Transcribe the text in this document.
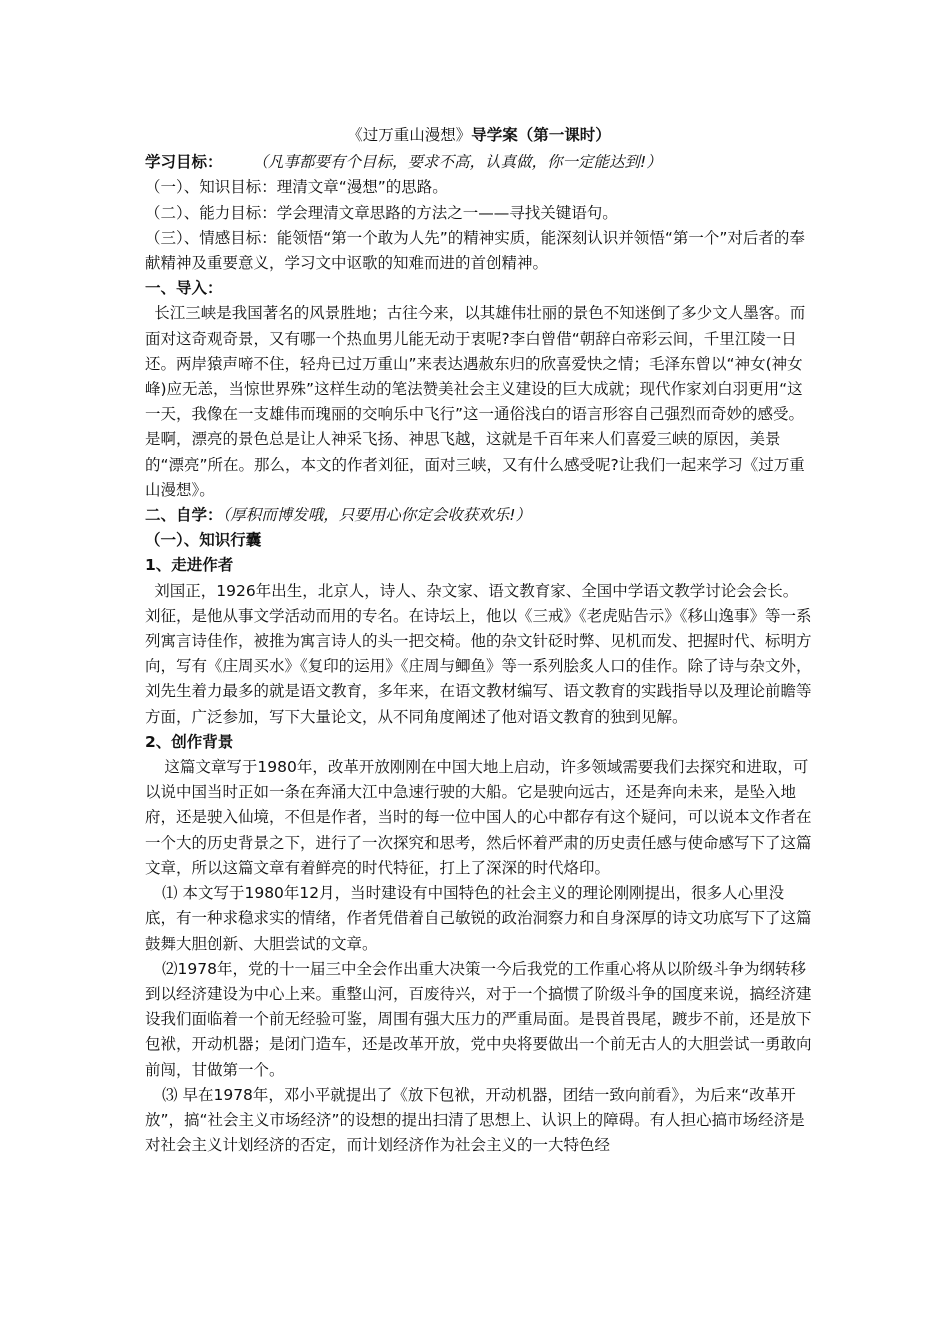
《过万重山漫想》导学案（第一课时）

学习目标： （凡事都要有个目标，要求不高，认真做，你一定能达到!）

（一）、知识目标：理清文章“漫想”的思路。

（二）、能力目标：学会理清文章思路的方法之一——寻找关键语句。

（三）、情感目标：能领悟“第一个敢为人先”的精神实质，能深刻认识并领悟“第一个”对后者的奉献精神及重要意义，学习文中讴歌的知难而进的首创精神。

一、导入：

长江三峡是我国著名的风景胜地；古往今来，以其雄伟壮丽的景色不知迷倒了多少文人墨客。而面对这奇观奇景，又有哪一个热血男儿能无动于衷呢?李白曾借“朝辞白帝彩云间，千里江陵一日还。两岸猿声啼不住，轻舟已过万重山”来表达遇赦东归的欣喜爱快之情；毛泽东曾以“神女(神女峰)应无恙，当惊世界殊”这样生动的笔法赞美社会主义建设的巨大成就；现代作家刘白羽更用“这一天，我像在一支雄伟而瑰丽的交响乐中飞行”这一通俗浅白的语言形容自己强烈而奇妙的感受。是啊，漂亮的景色总是让人神采飞扬、神思飞越，这就是千百年来人们喜爱三峡的原因，美景的“漂亮”所在。那么，本文的作者刘征，面对三峡，又有什么感受呢?让我们一起来学习《过万重山漫想》。

二、自学：（厚积而博发哦，只要用心你定会收获欢乐!）

（一）、知识行囊

1、走进作者

刘国正，1926年出生，北京人，诗人、杂文家、语文教育家、全国中学语文教学讨论会会长。刘征，是他从事文学活动而用的专名。在诗坛上，他以《三戒》《老虎贴告示》《移山逸事》等一系列寓言诗佳作，被推为寓言诗人的头一把交椅。他的杂文针砭时弊、见机而发、把握时代、标明方向，写有《庄周买水》《复印的运用》《庄周与鲫鱼》等一系列脍炙人口的佳作。除了诗与杂文外，刘先生着力最多的就是语文教育，多年来，在语文教材编写、语文教育的实践指导以及理论前瞻等方面，广泛参加，写下大量论文，从不同角度阐述了他对语文教育的独到见解。

2、创作背景

这篇文章写于1980年，改革开放刚刚在中国大地上启动，许多领域需要我们去探究和进取，可以说中国当时正如一条在奔涌大江中急速行驶的大船。它是驶向远古，还是奔向未来，是坠入地府，还是驶入仙境，不但是作者，当时的每一位中国人的心中都存有这个疑问，可以说本文作者在一个大的历史背景之下，进行了一次探究和思考，然后怀着严肃的历史责任感与使命感写下了这篇文章，所以这篇文章有着鲜亮的时代特征，打上了深深的时代烙印。

⑴ 本文写于1980年12月，当时建设有中国特色的社会主义的理论刚刚提出，很多人心里没底，有一种求稳求实的情绪，作者凭借着自己敏锐的政治洞察力和自身深厚的诗文功底写下了这篇鼓舞大胆创新、大胆尝试的文章。

⑵1978年，党的十一届三中全会作出重大决策一今后我党的工作重心将从以阶级斗争为纲转移到以经济建设为中心上来。重整山河，百废待兴，对于一个搞惯了阶级斗争的国度来说，搞经济建设我们面临着一个前无经验可鉴，周围有强大压力的严重局面。是畏首畏尾，踱步不前，还是放下包袱，开动机器；是闭门造车，还是改革开放，党中央将要做出一个前无古人的大胆尝试一勇敢向前闯，甘做第一个。

⑶ 早在1978年，邓小平就提出了《放下包袱，开动机器，团结一致向前看》，为后来“改革开放”，搞“社会主义市场经济”的设想的提出扫清了思想上、认识上的障碍。有人担心搞市场经济是对社会主义计划经济的否定，而计划经济作为社会主义的一大特色经
